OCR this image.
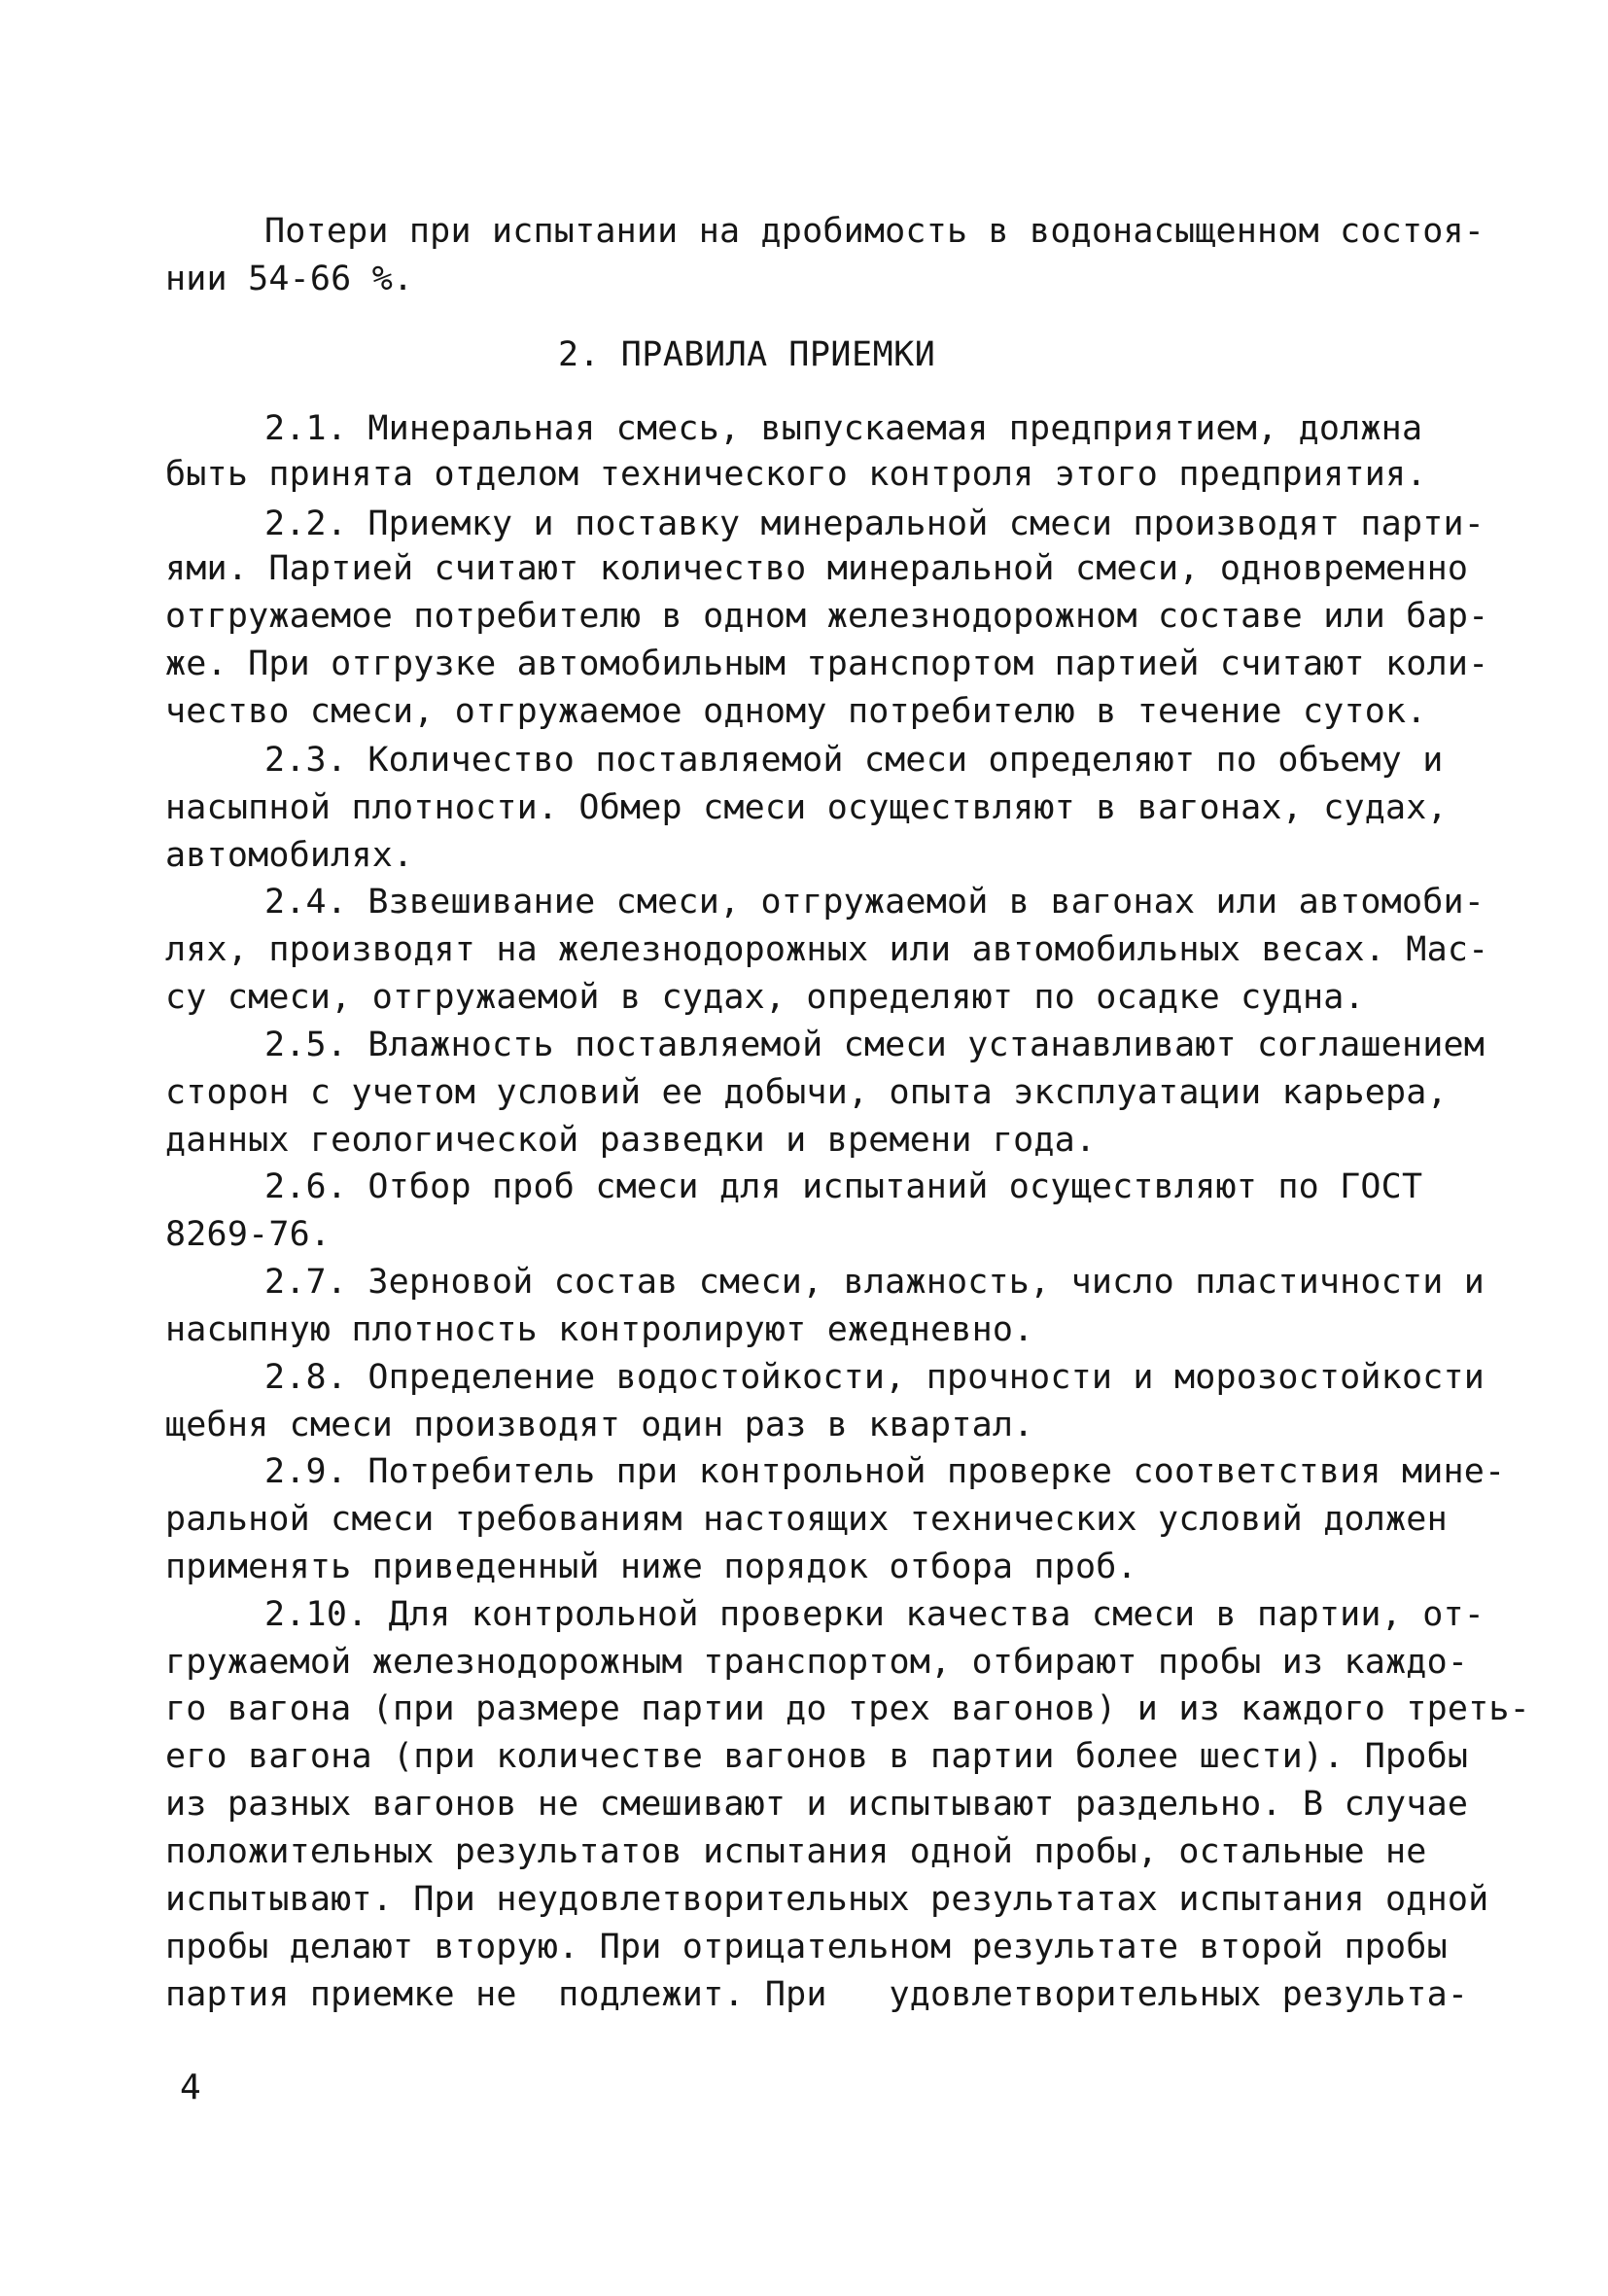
Потери при испытании на дробимость в водонасыщенном состоя-
нии 54-66 %.
2. ПРАВИЛА ПРИЕМКИ
2.1. Минеральная смесь, выпускаемая предприятием, должна
быть принята отделом технического контроля этого предприятия.
2.2. Приемку и поставку минеральной смеси производят парти-
ями. Партией считают количество минеральной смеси, одновременно
отгружаемое потребителю в одном железнодорожном составе или бар-
же. При отгрузке автомобильным транспортом партией считают коли-
чество смеси, отгружаемое одному потребителю в течение суток.
2.3. Количество поставляемой смеси определяют по объему и
насыпной плотности. Обмер смеси осуществляют в вагонах, судах,
автомобилях.
2.4. Взвешивание смеси, отгружаемой в вагонах или автомоби-
лях, производят на железнодорожных или автомобильных весах. Мас-
су смеси, отгружаемой в судах, определяют по осадке судна.
2.5. Влажность поставляемой смеси устанавливают соглашением
сторон с учетом условий ее добычи, опыта эксплуатации карьера,
данных геологической разведки и времени года.
2.6. Отбор проб смеси для испытаний осуществляют по ГОСТ
8269-76.
2.7. Зерновой состав смеси, влажность, число пластичности и
насыпную плотность контролируют ежедневно.
2.8. Определение водостойкости, прочности и морозостойкости
щебня смеси производят один раз в квартал.
2.9. Потребитель при контрольной проверке соответствия мине-
ральной смеси требованиям настоящих технических условий должен
применять приведенный ниже порядок отбора проб.
2.10. Для контрольной проверки качества смеси в партии, от-
гружаемой железнодорожным транспортом, отбирают пробы из каждо-
го вагона (при размере партии до трех вагонов) и из каждого треть-
его вагона (при количестве вагонов в партии более шести). Пробы
из разных вагонов не смешивают и испытывают раздельно. В случае
положительных результатов испытания одной пробы, остальные не
испытывают. При неудовлетворительных результатах испытания одной
пробы делают вторую. При отрицательном результате второй пробы
партия приемке не  подлежит. При   удовлетворительных результа-
4
